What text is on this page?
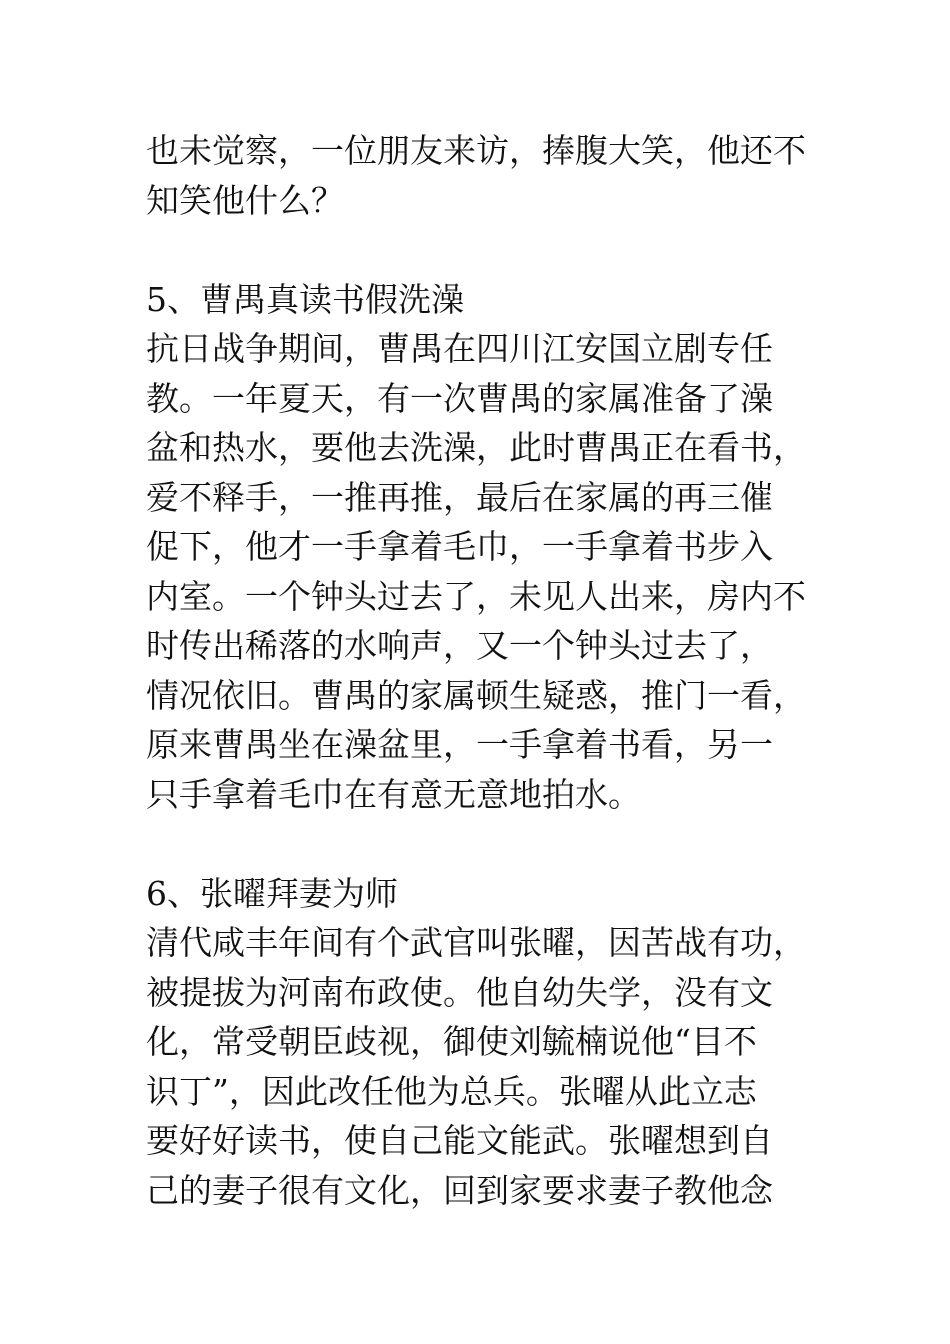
也未觉察，一位朋友来访，捧腹大笑，他还不
知笑他什么？
5、曹禺真读书假洗澡
抗日战争期间，曹禺在四川江安国立剧专任
教。一年夏天，有一次曹禺的家属准备了澡
盆和热水，要他去洗澡，此时曹禺正在看书，
爱不释手，一推再推，最后在家属的再三催
促下，他才一手拿着毛巾，一手拿着书步入
内室。一个钟头过去了，未见人出来，房内不
时传出稀落的水响声，又一个钟头过去了，
情况依旧。曹禺的家属顿生疑惑，推门一看，
原来曹禺坐在澡盆里，一手拿着书看，另一
只手拿着毛巾在有意无意地拍水。
6、张曜拜妻为师
清代咸丰年间有个武官叫张曜，因苦战有功，
被提拔为河南布政使。他自幼失学，没有文
化，常受朝臣歧视，御使刘毓楠说他“目不
识丁”，因此改任他为总兵。张曜从此立志
要好好读书，使自己能文能武。张曜想到自
己的妻子很有文化，回到家要求妻子教他念
